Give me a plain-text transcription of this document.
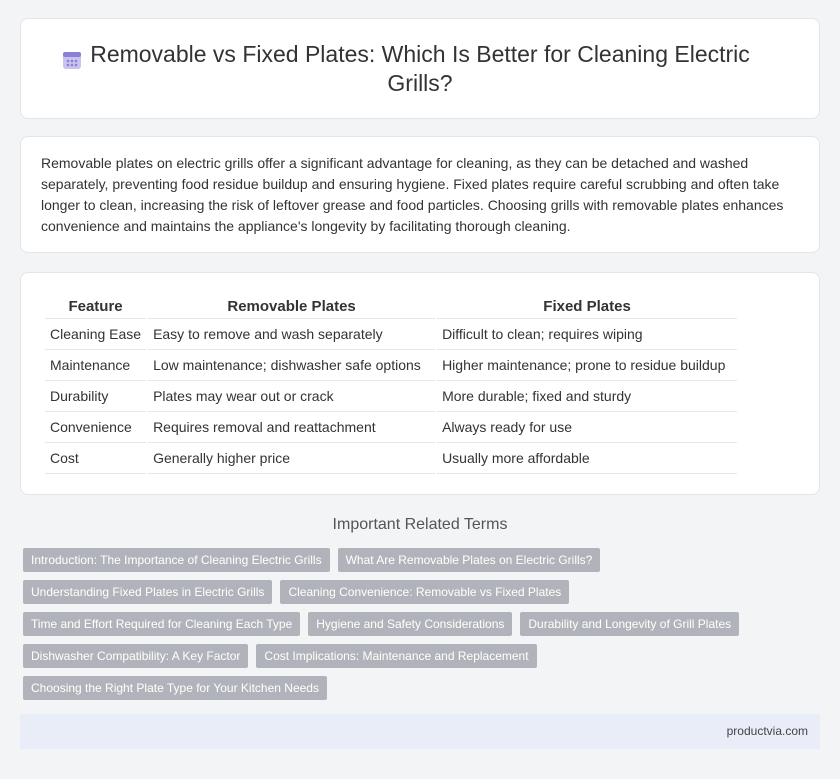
Removable vs Fixed Plates: Which Is Better for Cleaning Electric Grills?

Removable plates on electric grills offer a significant advantage for cleaning, as they can be detached and washed separately, preventing food residue buildup and ensuring hygiene. Fixed plates require careful scrubbing and often take longer to clean, increasing the risk of leftover grease and food particles. Choosing grills with removable plates enhances convenience and maintains the appliance's longevity by facilitating thorough cleaning.

Feature	Removable Plates	Fixed Plates
Cleaning Ease	Easy to remove and wash separately	Difficult to clean; requires wiping
Maintenance	Low maintenance; dishwasher safe options	Higher maintenance; prone to residue buildup
Durability	Plates may wear out or crack	More durable; fixed and sturdy
Convenience	Requires removal and reattachment	Always ready for use
Cost	Generally higher price	Usually more affordable
Important Related Terms
Introduction: The Importance of Cleaning Electric Grills	What Are Removable Plates on Electric Grills?
Understanding Fixed Plates in Electric Grills	Cleaning Convenience: Removable vs Fixed Plates
Time and Effort Required for Cleaning Each Type	Hygiene and Safety Considerations	Durability and Longevity of Grill Plates
Dishwasher Compatibility: A Key Factor	Cost Implications: Maintenance and Replacement
Choosing the Right Plate Type for Your Kitchen Needs
productvia.com
